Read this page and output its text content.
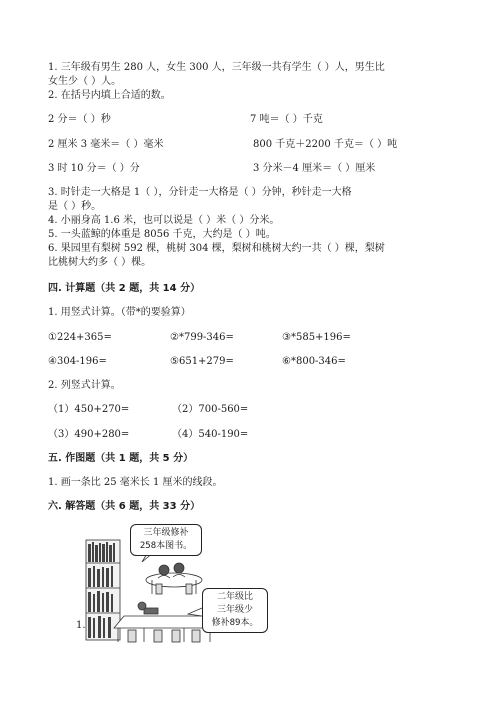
1. 三年级有男生 280 人，女生 300 人，三年级一共有学生（ ）人，男生比
女生少（ ）人。
2. 在括号内填上合适的数。
2 分＝（ ）秒	7 吨＝（ ）千克
2 厘米 3 毫米＝（ ）毫米	800 千克＋2200 千克＝（ ）吨
3 时 10 分＝（ ）分	3 分米－4 厘米＝（ ）厘米
3. 时针走一大格是 1（ ），分针走一大格是（ ）分钟，秒针走一大格
是（ ）秒。
4. 小丽身高 1.6 米，也可以说是（ ）米（ ）分米。
5. 一头蓝鲸的体重是 8056 千克，大约是（ ）吨。
6. 果园里有梨树 592 棵，桃树 304 棵，梨树和桃树大约一共（ ）棵，梨树
比桃树大约多（ ）棵。
四. 计算题（共 2 题，共 14 分）
1. 用竖式计算。（带*的要验算）
①224+365=	②*799-346=	③*585+196=
④304-196=	⑤651+279=	⑥*800-346=
2. 列竖式计算。
（1）450+270=	（2）700-560=
（3）490+280=	（4）540-190=
五. 作图题（共 1 题，共 5 分）
1. 画一条比 25 毫米长 1 厘米的线段。
六. 解答题（共 6 题，共 33 分）
1.
三年级修补
258本图书。
二年级比
三年级少
修补89本。
